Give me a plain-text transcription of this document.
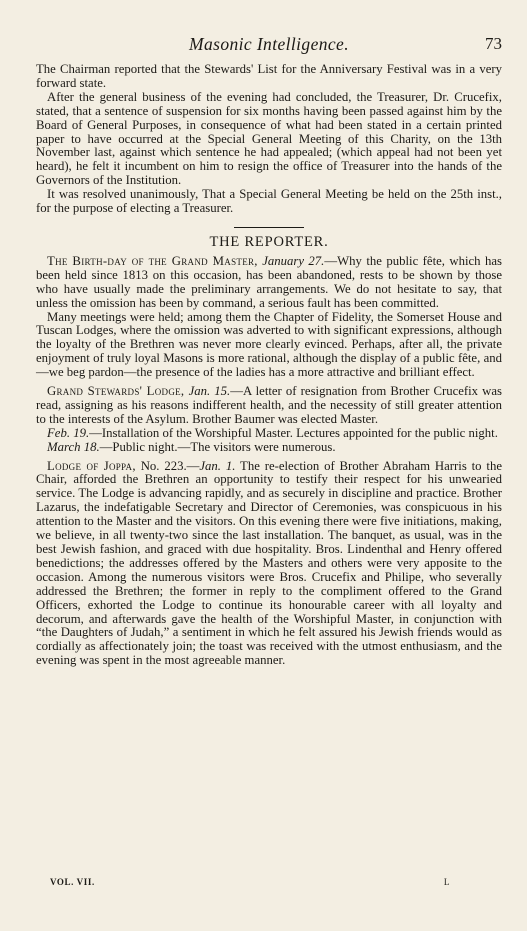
Masonic Intelligence.	73

The Chairman reported that the Stewards' List for the Anniversary Festival was in a very forward state.

After the general business of the evening had concluded, the Treasurer, Dr. Crucefix, stated, that a sentence of suspension for six months having been passed against him by the Board of General Purposes, in consequence of what had been stated in a certain printed paper to have occurred at the Special General Meeting of this Charity, on the 13th November last, against which sentence he had appealed; (which appeal had not been yet heard), he felt it incumbent on him to resign the office of Treasurer into the hands of the Governors of the Institution.

It was resolved unanimously, That a Special General Meeting be held on the 25th inst., for the purpose of electing a Treasurer.

THE REPORTER.

The Birth-day of the Grand Master, January 27.—Why the public fête, which has been held since 1813 on this occasion, has been abandoned, rests to be shown by those who have usually made the preliminary arrangements. We do not hesitate to say, that unless the omission has been by command, a serious fault has been committed.

Many meetings were held; among them the Chapter of Fidelity, the Somerset House and Tuscan Lodges, where the omission was adverted to with significant expressions, although the loyalty of the Brethren was never more clearly evinced. Perhaps, after all, the private enjoyment of truly loyal Masons is more rational, although the display of a public fête, and—we beg pardon—the presence of the ladies has a more attractive and brilliant effect.

Grand Stewards' Lodge, Jan. 15.—A letter of resignation from Brother Crucefix was read, assigning as his reasons indifferent health, and the necessity of still greater attention to the interests of the Asylum. Brother Baumer was elected Master.

Feb. 19.—Installation of the Worshipful Master. Lectures appointed for the public night.

March 18.—Public night.—The visitors were numerous.

Lodge of Joppa, No. 223.—Jan. 1. The re-election of Brother Abraham Harris to the Chair, afforded the Brethren an opportunity to testify their respect for his unwearied service. The Lodge is advancing rapidly, and as securely in discipline and practice. Brother Lazarus, the indefatigable Secretary and Director of Ceremonies, was conspicuous in his attention to the Master and the visitors. On this evening there were five initiations, making, we believe, in all twenty-two since the last installation. The banquet, as usual, was in the best Jewish fashion, and graced with due hospitality. Bros. Lindenthal and Henry offered benedictions; the addresses offered by the Masters and others were very apposite to the occasion. Among the numerous visitors were Bros. Crucefix and Philipe, who severally addressed the Brethren; the former in reply to the compliment offered to the Grand Officers, exhorted the Lodge to continue its honourable career with all loyalty and decorum, and afterwards gave the health of the Worshipful Master, in conjunction with “the Daughters of Judah,” a sentiment in which he felt assured his Jewish friends would as cordially as affectionately join; the toast was received with the utmost enthusiasm, and the evening was spent in the most agreeable manner.

VOL. VII.	L
